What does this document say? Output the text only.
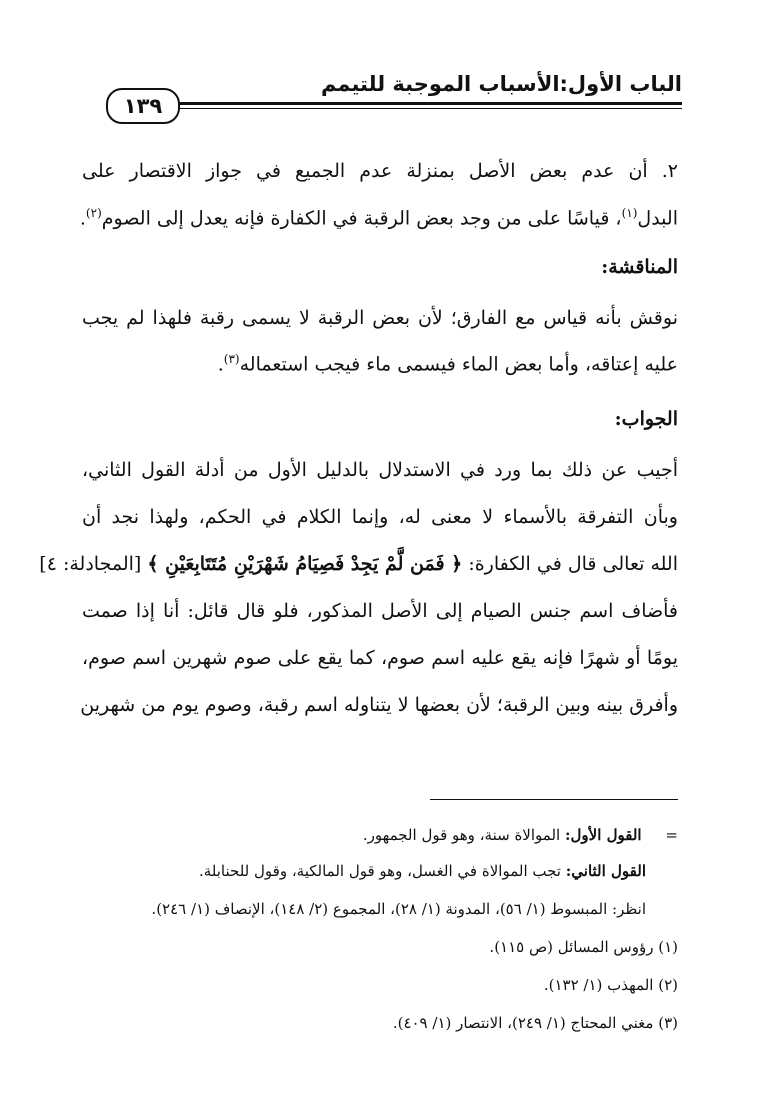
الباب الأول:الأسباب الموجبة للتيمم
١٣٩
٢. أن عدم بعض الأصل بمنزلة عدم الجميع في جواز الاقتصار على
البدل$^{(١)}$، قياسًا على من وجد بعض الرقبة في الكفارة فإنه يعدل إلى الصوم$^{(٢)}$.
المناقشة:
نوقش بأنه قياس مع الفارق؛ لأن بعض الرقبة لا يسمى رقبة فلهذا لم يجب
عليه إعتاقه، وأما بعض الماء فيسمى ماء فيجب استعماله$^{(٣)}$.
الجواب:
أجيب عن ذلك بما ورد في الاستدلال بالدليل الأول من أدلة القول الثاني،
وبأن التفرقة بالأسماء لا معنى له، وإنما الكلام في الحكم، ولهذا نجد أن
الله تعالى قال في الكفارة: ﴿ فَمَن لَّمْ يَجِدْ فَصِيَامُ شَهْرَيْنِ مُتَتَابِعَيْنِ ﴾ [المجادلة: ٤]
فأضاف اسم جنس الصيام إلى الأصل المذكور، فلو قال قائل: أنا إذا صمت
يومًا أو شهرًا فإنه يقع عليه اسم صوم، كما يقع على صوم شهرين اسم صوم،
وأفرق بينه وبين الرقبة؛ لأن بعضها لا يتناوله اسم رقبة، وصوم يوم من شهرين
=     القول الأول: الموالاة سنة، وهو قول الجمهور.
القول الثاني: تجب الموالاة في الغسل، وهو قول المالكية، وقول للحنابلة.
انظر: المبسوط (١/ ٥٦)، المدونة (١/ ٢٨)، المجموع (٢/ ١٤٨)، الإنصاف (١/ ٢٤٦).
(١) رؤوس المسائل (ص ١١٥).
(٢) المهذب (١/ ١٣٢).
(٣) مغني المحتاج (١/ ٢٤٩)، الانتصار (١/ ٤٠٩).
